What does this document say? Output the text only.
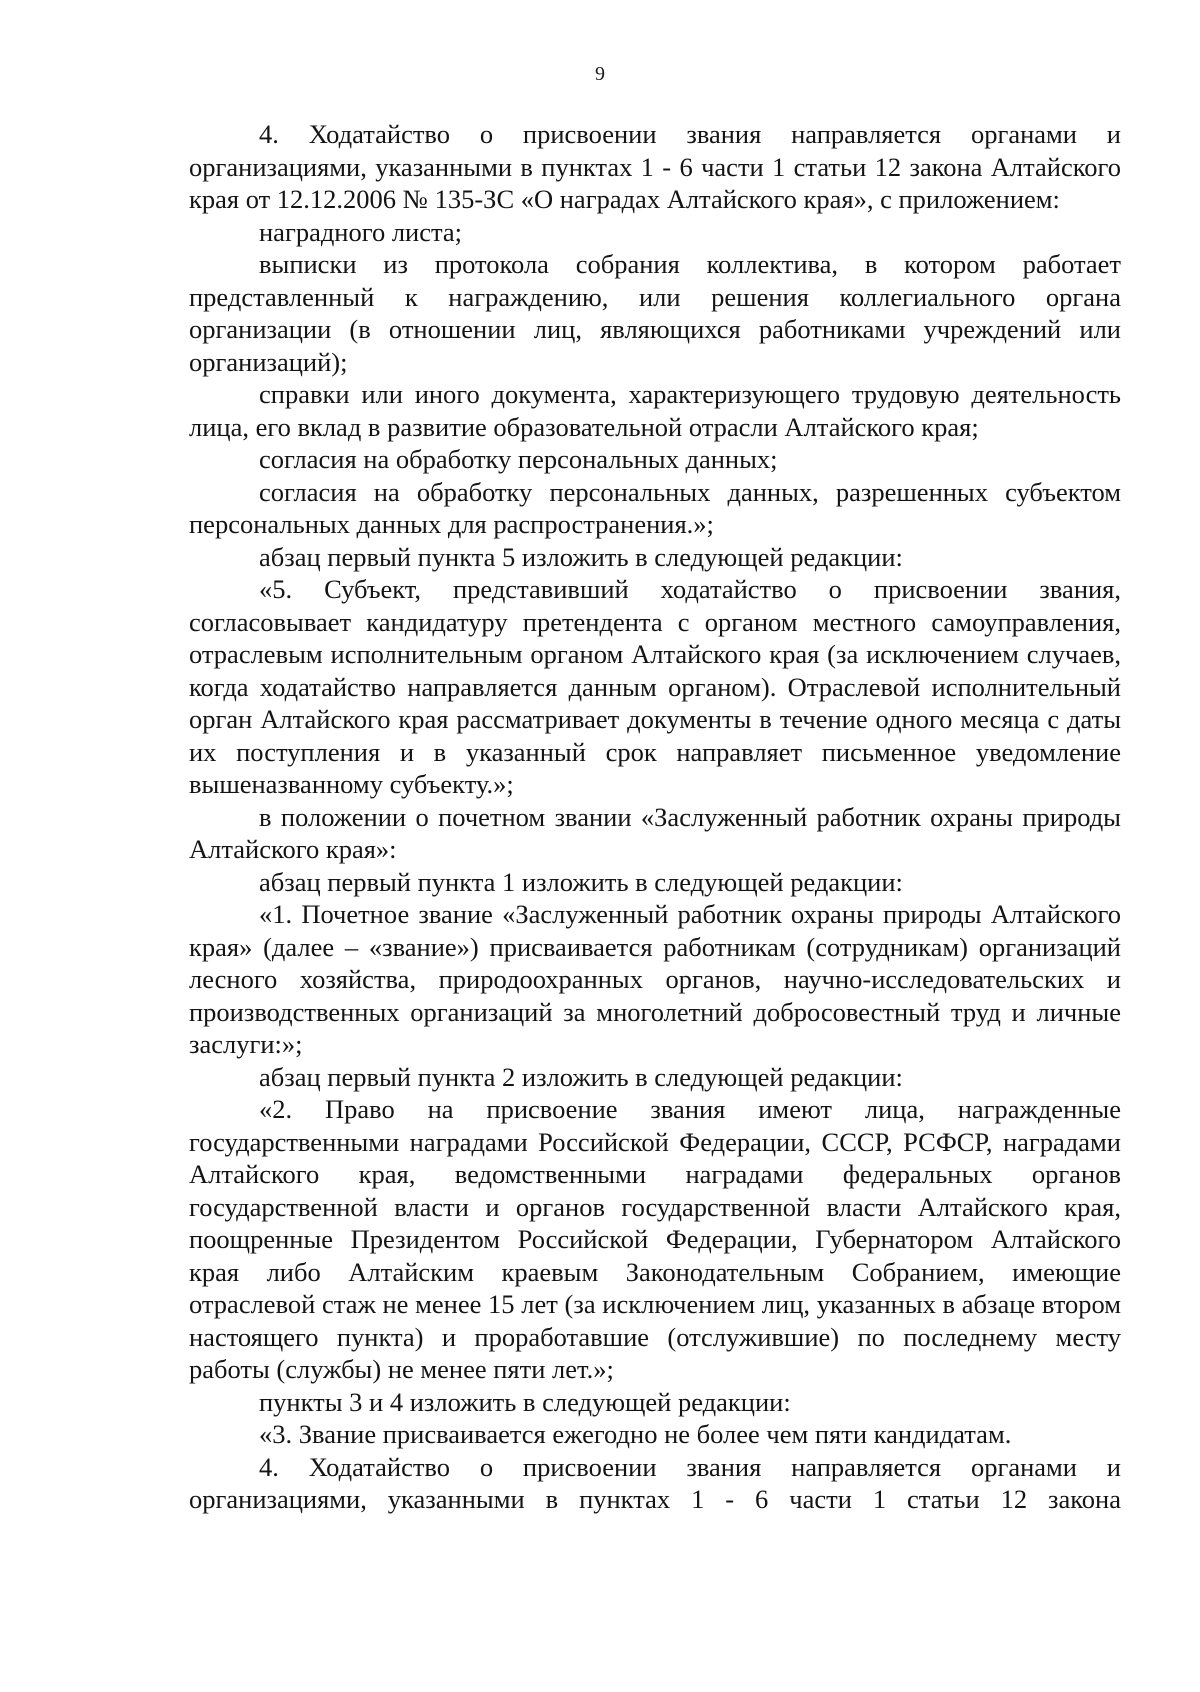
9

4. Ходатайство о присвоении звания направляется органами и организациями, указанными в пунктах 1 - 6 части 1 статьи 12 закона Алтайского края от 12.12.2006 № 135-ЗС «О наградах Алтайского края», с приложением:

наградного листа;

выписки из протокола собрания коллектива, в котором работает представленный к награждению, или решения коллегиального органа организации (в отношении лиц, являющихся работниками учреждений или организаций);

справки или иного документа, характеризующего трудовую деятельность лица, его вклад в развитие образовательной отрасли Алтайского края;

согласия на обработку персональных данных;

согласия на обработку персональных данных, разрешенных субъектом персональных данных для распространения.»;

абзац первый пункта 5 изложить в следующей редакции:

«5. Субъект, представивший ходатайство о присвоении звания, согласовывает кандидатуру претендента с органом местного самоуправления, отраслевым исполнительным органом Алтайского края (за исключением случаев, когда ходатайство направляется данным органом). Отраслевой исполнительный орган Алтайского края рассматривает документы в течение одного месяца с даты их поступления и в указанный срок направляет письменное уведомление вышеназванному субъекту.»;

в положении о почетном звании «Заслуженный работник охраны природы Алтайского края»:

абзац первый пункта 1 изложить в следующей редакции:

«1. Почетное звание «Заслуженный работник охраны природы Алтайского края» (далее – «звание») присваивается работникам (сотрудникам) организаций лесного хозяйства, природоохранных органов, научно-исследовательских и производственных организаций за многолетний добросовестный труд и личные заслуги:»;

абзац первый пункта 2 изложить в следующей редакции:

«2. Право на присвоение звания имеют лица, награжденные государственными наградами Российской Федерации, СССР, РСФСР, наградами Алтайского края, ведомственными наградами федеральных органов государственной власти и органов государственной власти Алтайского края, поощренные Президентом Российской Федерации, Губернатором Алтайского края либо Алтайским краевым Законодательным Собранием, имеющие отраслевой стаж не менее 15 лет (за исключением лиц, указанных в абзаце втором настоящего пункта) и проработавшие (отслужившие) по последнему месту работы (службы) не менее пяти лет.»;

пункты 3 и 4 изложить в следующей редакции:

«3. Звание присваивается ежегодно не более чем пяти кандидатам.

4. Ходатайство о присвоении звания направляется органами и организациями, указанными в пунктах 1 - 6 части 1 статьи 12 закона
